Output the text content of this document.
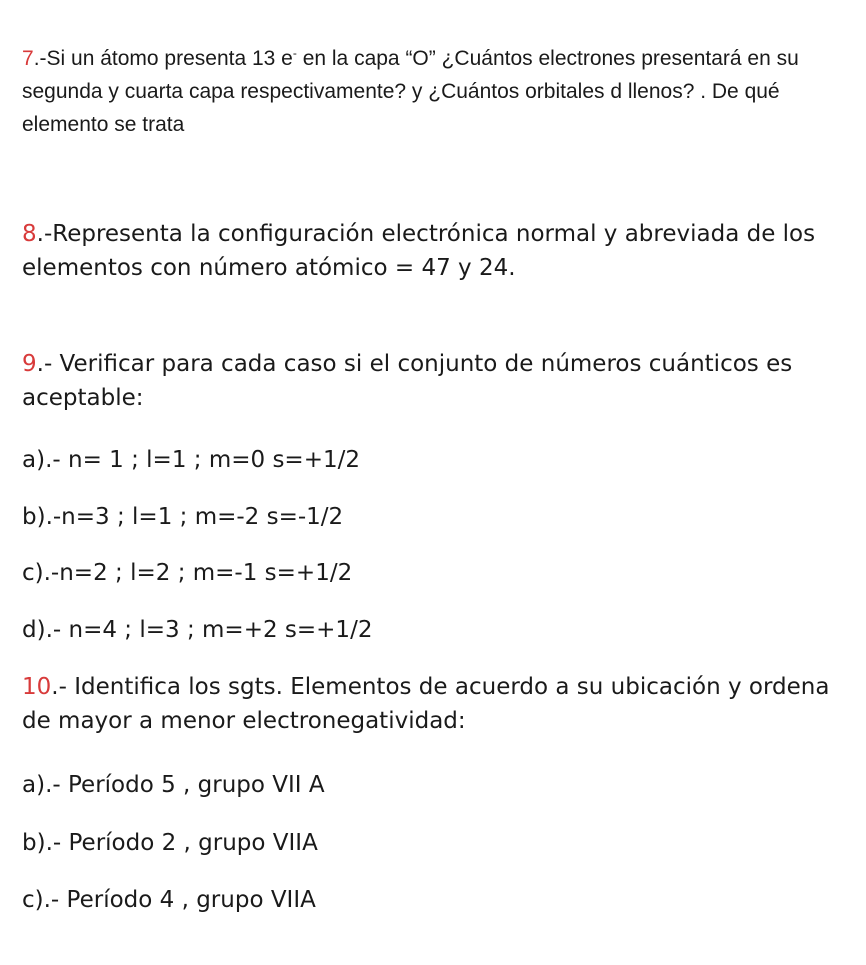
7.-Si un átomo presenta 13 e- en la capa “O” ¿Cuántos electrones presentará en su segunda y cuarta capa respectivamente? y ¿Cuántos orbitales d llenos? . De qué elemento se trata

8.-Representa la configuración electrónica normal y abreviada de los elementos con número atómico = 47 y 24.

9.- Verificar para cada caso si el conjunto de números cuánticos es aceptable:

a).- n= 1 ; l=1 ; m=0 s=+1/2

b).-n=3 ; l=1 ; m=-2 s=-1/2

c).-n=2 ; l=2 ; m=-1 s=+1/2

d).- n=4 ; l=3 ; m=+2 s=+1/2

10.- Identifica los sgts. Elementos de acuerdo a su ubicación y ordena de mayor a menor electronegatividad:

a).- Período 5 , grupo VII A

b).- Período 2 , grupo VIIA

c).- Período 4 , grupo VIIA
